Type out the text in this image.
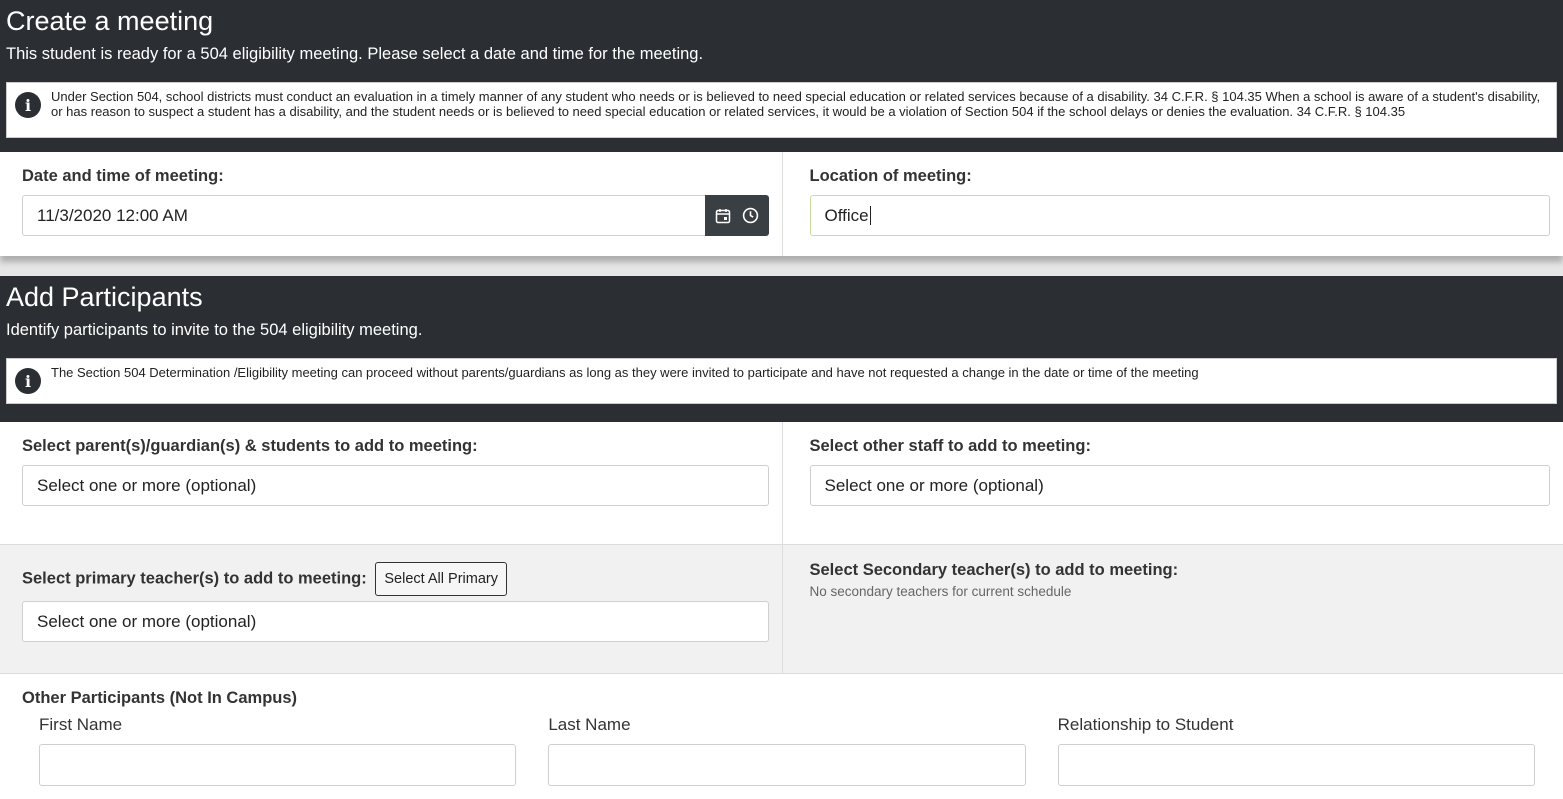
Create a meeting
This student is ready for a 504 eligibility meeting. Please select a date and time for the meeting.
i	Under Section 504, school districts must conduct an evaluation in a timely manner of any student who needs or is believed to need special education or related services because of a disability. 34 C.F.R. § 104.35 When a school is aware of a student's disability, or has reason to suspect a student has a disability, and the student needs or is believed to need special education or related services, it would be a violation of Section 504 if the school delays or denies the evaluation. 34 C.F.R. § 104.35
Date and time of meeting:
11/3/2020 12:00 AM
Location of meeting:
Office
Add Participants
Identify participants to invite to the 504 eligibility meeting.
i	The Section 504 Determination /Eligibility meeting can proceed without parents/guardians as long as they were invited to participate and have not requested a change in the date or time of the meeting
Select parent(s)/guardian(s) & students to add to meeting:
Select one or more (optional)
Select other staff to add to meeting:
Select one or more (optional)
Select primary teacher(s) to add to meeting: Select All Primary
Select one or more (optional)
Select Secondary teacher(s) to add to meeting:
No secondary teachers for current schedule
Other Participants (Not In Campus)
First Name	Last Name	Relationship to Student
